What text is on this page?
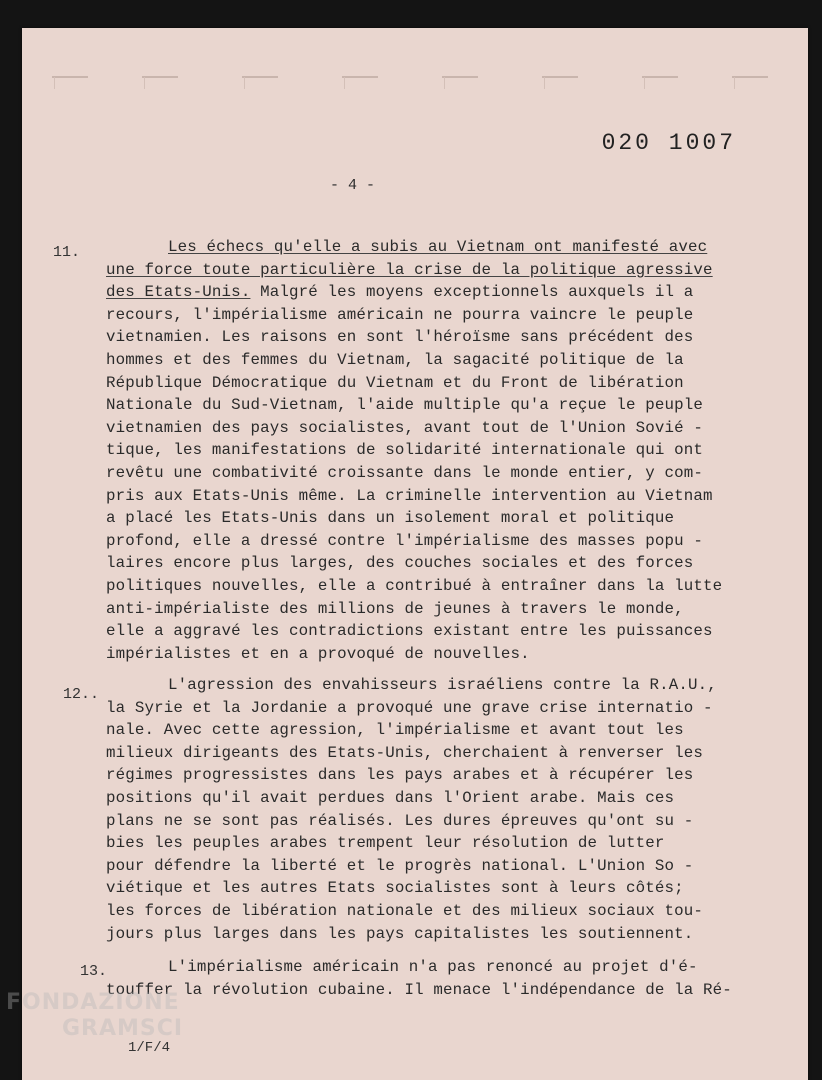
020 1007
- 4 -
11.	Les échecs qu'elle a subis au Vietnam ont manifesté avec
une force toute particulière la crise de la politique agressive
des Etats-Unis. Malgré les moyens exceptionnels auxquels il a
recours, l'impérialisme américain ne pourra vaincre le peuple
vietnamien. Les raisons en sont l'héroïsme sans précédent des
hommes et des femmes du Vietnam, la sagacité politique de la
République Démocratique du Vietnam et du Front de libération
Nationale du Sud-Vietnam, l'aide multiple qu'a reçue le peuple
vietnamien des pays socialistes, avant tout de l'Union Sovié -
tique, les manifestations de solidarité internationale qui ont
revêtu une combativité croissante dans le monde entier, y com-
pris aux Etats-Unis même. La criminelle intervention au Vietnam
a placé les Etats-Unis dans un isolement moral et politique
profond, elle a dressé contre l'impérialisme des masses popu -
laires encore plus larges, des couches sociales et des forces
politiques nouvelles, elle a contribué à entraîner dans la lutte
anti-impérialiste des millions de jeunes à travers le monde,
elle a aggravé les contradictions existant entre les puissances
impérialistes et en a provoqué de nouvelles.
12..
L'agression des envahisseurs israéliens contre la R.A.U.,
la Syrie et la Jordanie a provoqué une grave crise internatio -
nale. Avec cette agression, l'impérialisme et avant tout les
milieux dirigeants des Etats-Unis, cherchaient à renverser les
régimes progressistes dans les pays arabes et à récupérer les
positions qu'il avait perdues dans l'Orient arabe. Mais ces
plans ne se sont pas réalisés. Les dures épreuves qu'ont su -
bies les peuples arabes trempent leur résolution de lutter
pour défendre la liberté et le progrès national. L'Union So -
viétique et les autres Etats socialistes sont à leurs côtés;
les forces de libération nationale et des milieux sociaux tou-
jours plus larges dans les pays capitalistes les soutiennent.
13.	L'impérialisme américain n'a pas renoncé au projet d'é-
touffer la révolution cubaine. Il menace l'indépendance de la Ré-
FONDAZIONE
GRAMSCI
1/F/4
